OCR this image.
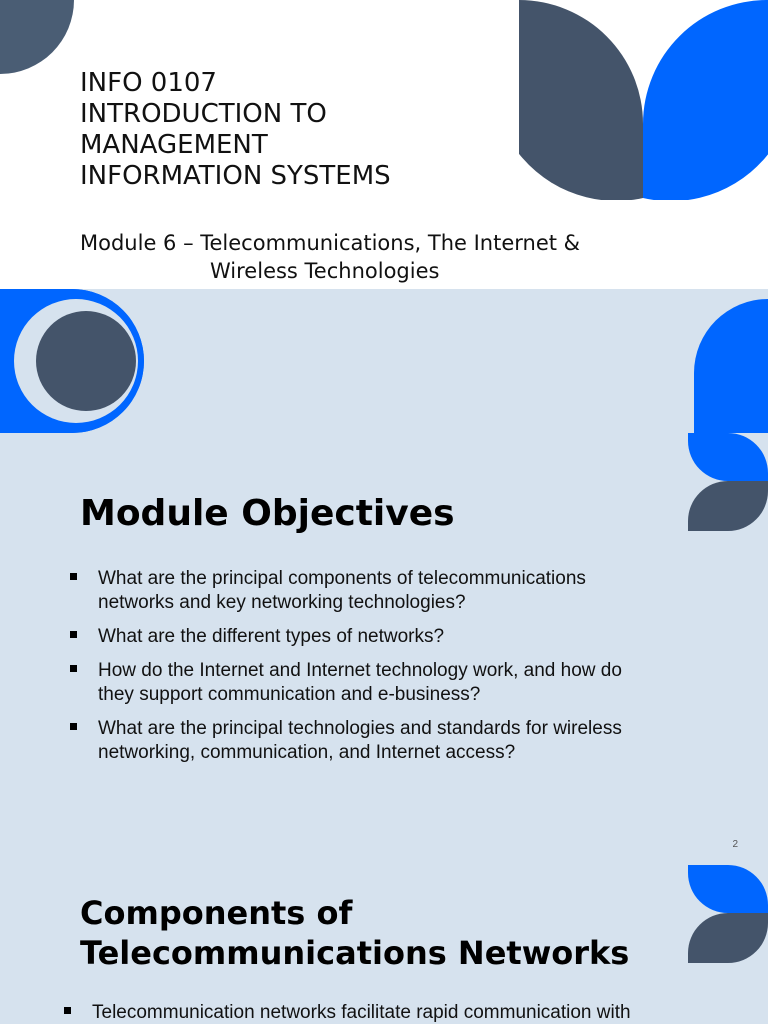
INFO 0107
INTRODUCTION TO
MANAGEMENT
INFORMATION SYSTEMS
Module 6 – Telecommunications, The Internet &
Wireless Technologies
Module Objectives
What are the principal components of telecommunications
networks and key networking technologies?
What are the different types of networks?
How do the Internet and Internet technology work, and how do
they support communication and e-business?
What are the principal technologies and standards for wireless
networking, communication, and Internet access?
2
Components of
Telecommunications Networks
Telecommunication networks facilitate rapid communication with
